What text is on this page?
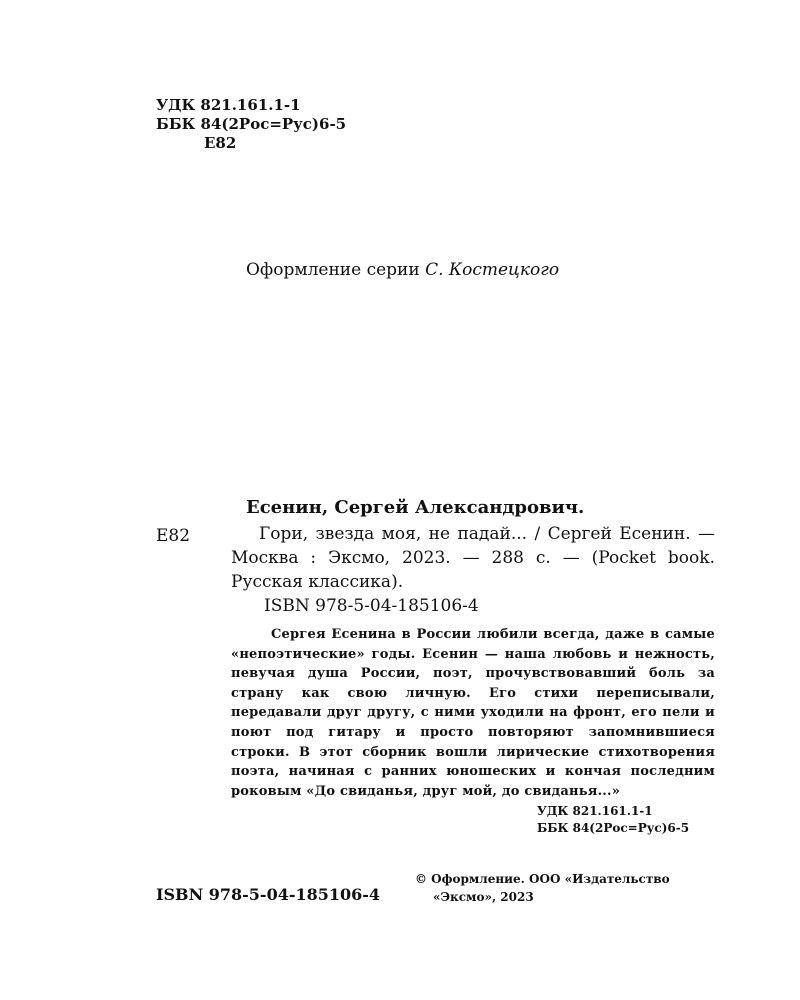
УДК 821.161.1-1
ББК 84(2Рос=Рус)6-5
Е82
Оформление серии С. Костецкого
Есенин, Сергей Александрович.
Е82	Гори, звезда моя, не падай... / Сергей Есенин. — Москва : Эксмо, 2023. — 288 с. — (Pocket book. Русская классика).

ISBN 978-5-04-185106-4

Сергея Есенина в России любили всегда, даже в самые «непоэтические» годы. Есенин — наша любовь и нежность, певучая душа России, поэт, прочувствовавший боль за страну как свою личную. Его стихи переписывали, передавали друг другу, с ними уходили на фронт, его пели и поют под гитару и просто повторяют запомнившиеся строки. В этот сборник вошли лирические стихотворения поэта, начиная с ранних юношеских и кончая последним роковым «До свиданья, друг мой, до свиданья...»

УДК 821.161.1-1
ББК 84(2Рос=Рус)6-5
ISBN 978-5-04-185106-4
© Оформление. ООО «Издательство
«Эксмо», 2023
